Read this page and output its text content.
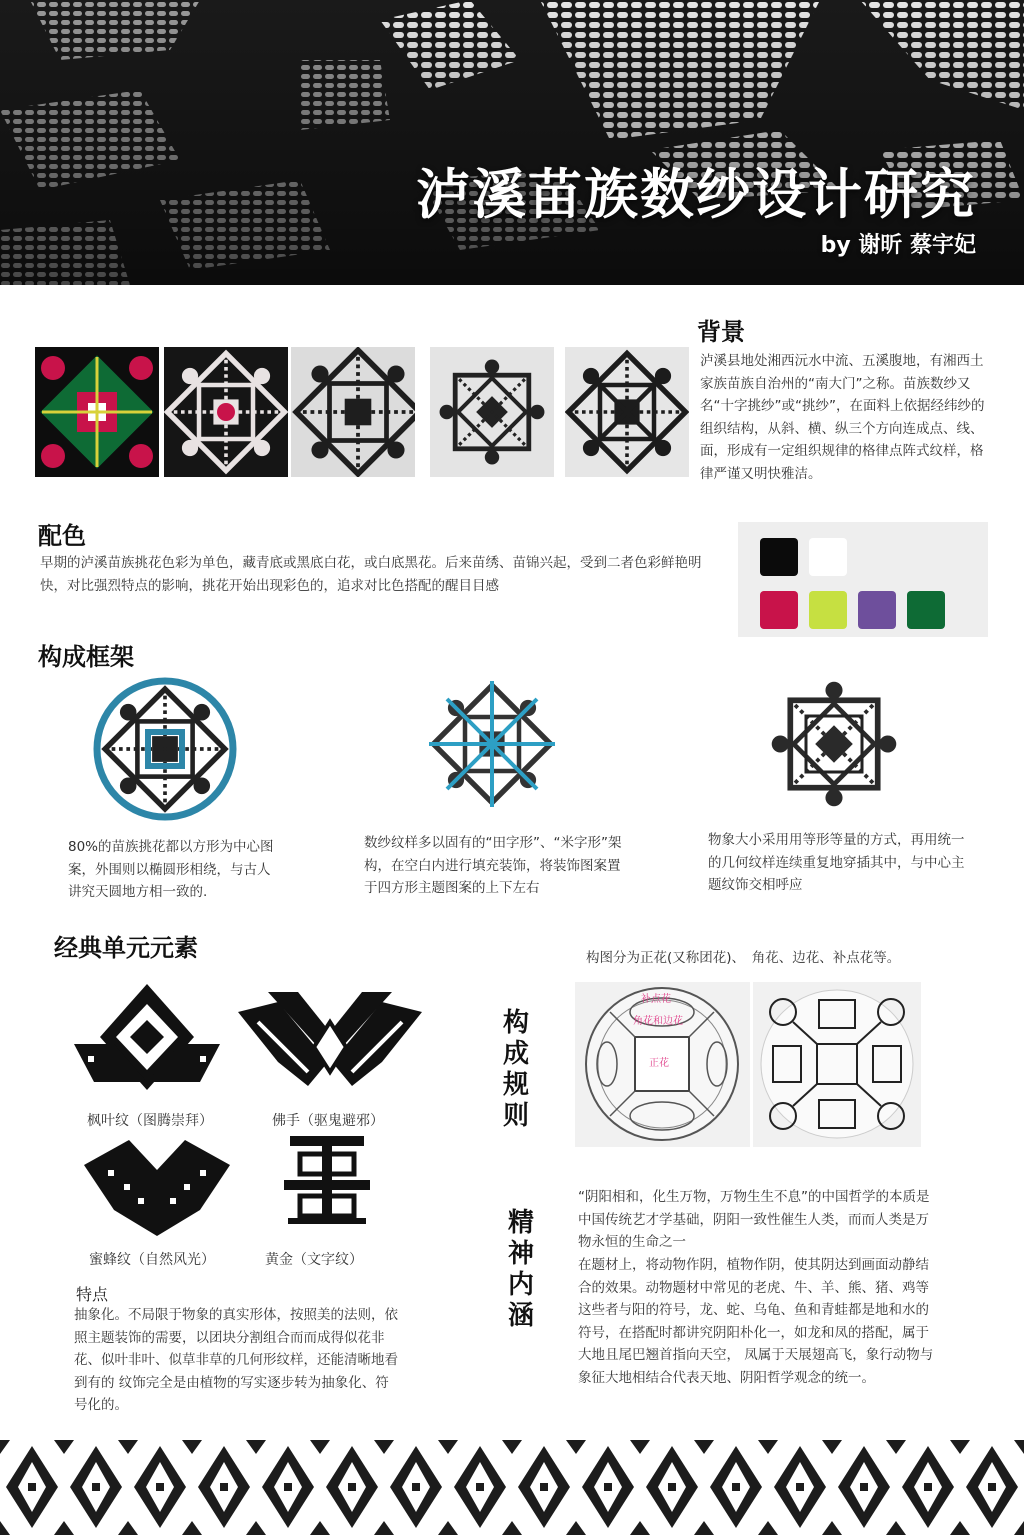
泸溪苗族数纱设计研究
by 谢昕 蔡宇妃
背景
泸溪县地处湘西沅水中流、五溪腹地，有湘西土家族苗族自治州的“南大门”之称。苗族数纱又名“十字挑纱”或“挑纱”，在面料上依据经纬纱的组织结构，从斜、横、纵三个方向连成点、线、面，形成有一定组织规律的格律点阵式纹样，格律严谨又明快雅洁。
配色
早期的泸溪苗族挑花色彩为单色，藏青底或黑底白花，或白底黑花。后来苗绣、苗锦兴起，受到二者色彩鲜艳明快，对比强烈特点的影响，挑花开始出现彩色的，追求对比色搭配的醒目目感
构成框架
80%的苗族挑花都以方形为中心图案，外围则以椭圆形相绕，与古人讲究天圆地方相一致的.
数纱纹样多以固有的“田字形”、“米字形”架构，在空白内进行填充装饰，将装饰图案置于四方形主题图案的上下左右
物象大小采用用等形等量的方式，再用统一的几何纹样连续重复地穿插其中，与中心主题纹饰交相呼应
经典单元元素
枫叶纹（图腾崇拜）	佛手（驱鬼避邪）
蜜蜂纹（自然风光）	黄金（文字纹）
特点
抽象化。不局限于物象的真实形体，按照美的法则，依照主题装饰的需要，以团块分割组合而而成得似花非花、似叶非叶、似草非草的几何形纹样，还能清晰地看到有的 纹饰完全是由植物的写实逐步转为抽象化、符号化的。
构图分为正花(又称团花)、　角花、边花、补点花等。
构成规则
补点花
角花和边花
正花
精神内涵
“阴阳相和，化生万物，万物生生不息”的中国哲学的本质是中国传统艺才学基础，阴阳一致性催生人类，而而人类是万物永恒的生命之一
在题材上，将动物作阴，植物作阴，使其阴达到画面动静结合的效果。动物题材中常见的老虎、牛、羊、熊、猪、鸡等这些者与阳的符号，龙、蛇、乌龟、鱼和青蛙都是地和水的符号，在搭配时都讲究阴阳朴化一，如龙和凤的搭配，属于大地且尾巴翘首指向天空， 凤属于天展翅高飞，象行动物与象征大地相结合代表天地、阴阳哲学观念的统一。
